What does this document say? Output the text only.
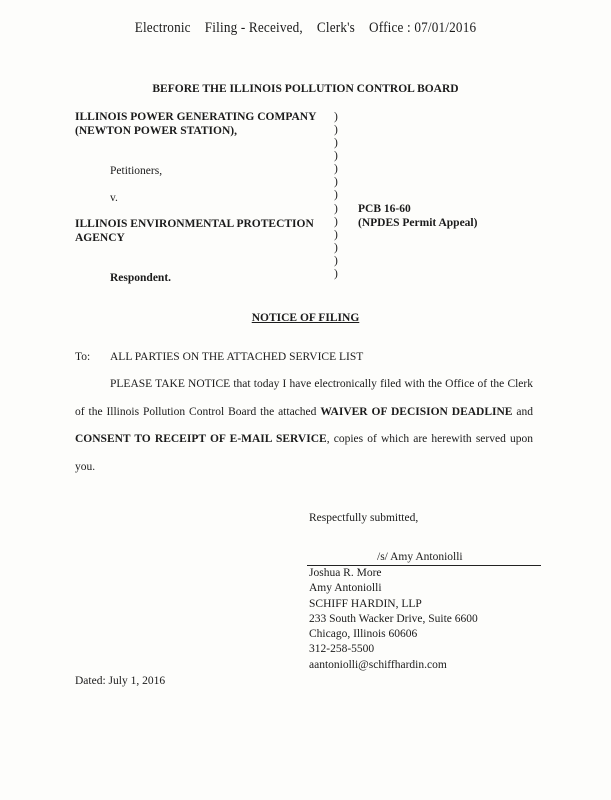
Electronic Filing - Received, Clerk's Office : 07/01/2016
BEFORE THE ILLINOIS POLLUTION CONTROL BOARD
ILLINOIS POWER GENERATING COMPANY
(NEWTON POWER STATION),
Petitioners,
v.
ILLINOIS ENVIRONMENTAL PROTECTION
AGENCY
Respondent.
)
)
)
)
)
)
)
)
)
)
)
)
)
PCB 16-60
(NPDES Permit Appeal)
NOTICE OF FILING
To: ALL PARTIES ON THE ATTACHED SERVICE LIST
PLEASE TAKE NOTICE that today I have electronically filed with the Office of the Clerk of the Illinois Pollution Control Board the attached WAIVER OF DECISION DEADLINE and CONSENT TO RECEIPT OF E-MAIL SERVICE, copies of which are herewith served upon you.
Respectfully submitted,
/s/ Amy Antoniolli
Joshua R. More
Amy Antoniolli
SCHIFF HARDIN, LLP
233 South Wacker Drive, Suite 6600
Chicago, Illinois 60606
312-258-5500
aantoniolli@schiffhardin.com
Dated: July 1, 2016
